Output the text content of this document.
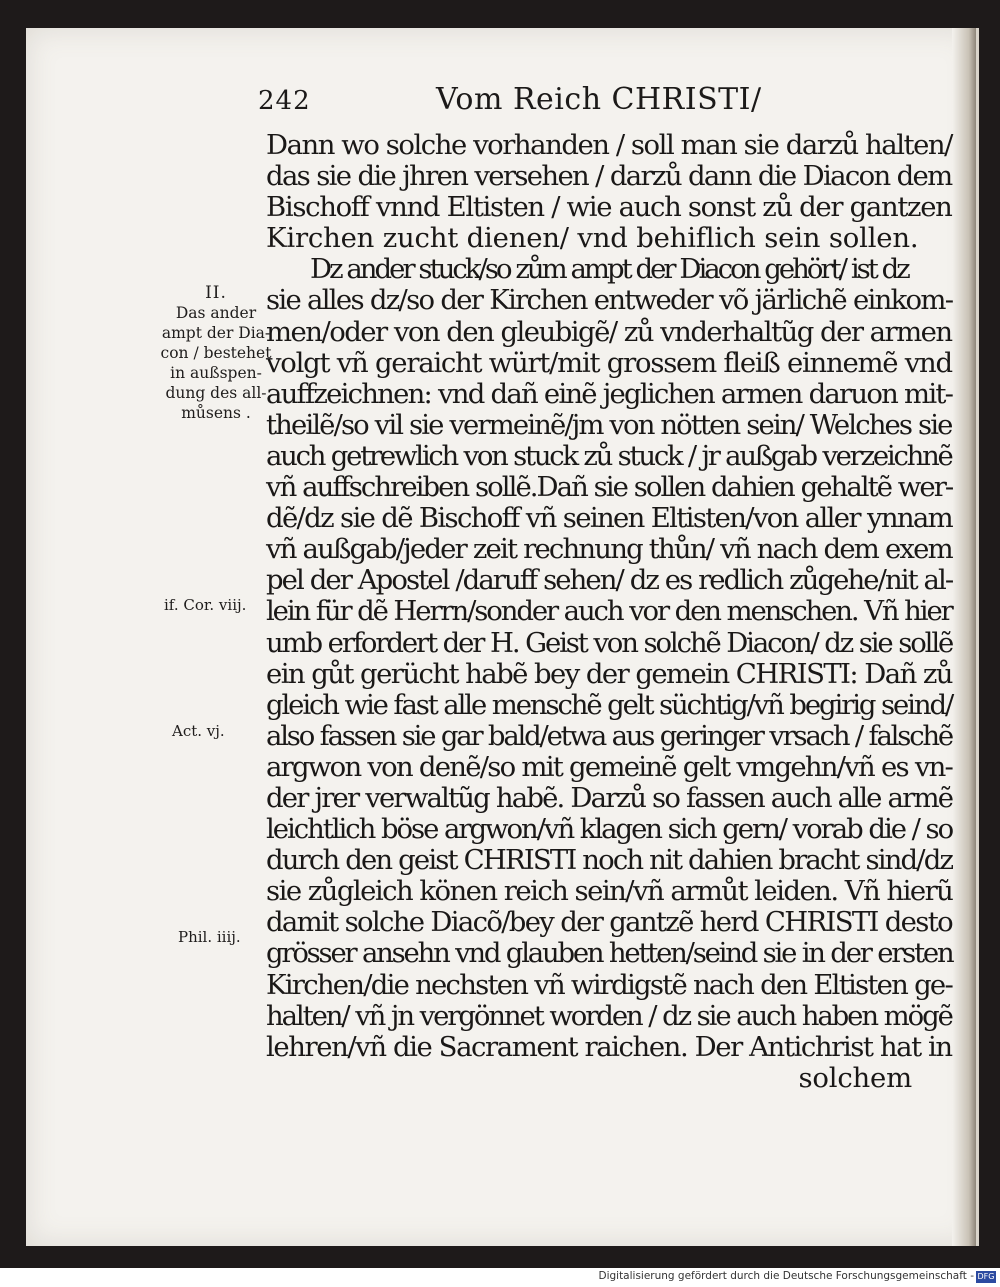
242	Vom Reich CHRISTI/
II.
Das ander
ampt der Dia-
con / bestehet
in außspen-
dung des all-
můsens .
if. Cor. viij.
Act. vj.
Phil. iiij.
Dann wo solche vorhanden / soll man sie darzů halten/
das sie die jhren versehen / darzů dann die Diacon dem
Bischoff vnnd Eltisten / wie auch sonst zů der gantzen
Kirchen zucht dienen/ vnd behiflich sein sollen.
Dz ander stuck/so zům ampt der Diacon gehört/ ist dz
sie alles dz/so der Kirchen entweder võ järlichẽ einkom-
men/oder von den gleubigẽ/ zů vnderhaltũg der armen
volgt vñ geraicht würt/mit grossem fleiß einnemẽ vnd
auffzeichnen: vnd dañ einẽ jeglichen armen daruon mit-
theilẽ/so vil sie vermeinẽ/jm von nötten sein/ Welches sie
auch getrewlich von stuck zů stuck / jr außgab verzeichnẽ
vñ auffschreiben sollẽ.Dañ sie sollen dahien gehaltẽ wer-
dẽ/dz sie dẽ Bischoff vñ seinen Eltisten/von aller ynnam
vñ außgab/jeder zeit rechnung thůn/ vñ nach dem exem
pel der Apostel /daruff sehen/ dz es redlich zůgehe/nit al-
lein für dẽ Herrn/sonder auch vor den menschen. Vñ hier
umb erfordert der H. Geist von solchẽ Diacon/ dz sie sollẽ
ein gůt gerücht habẽ bey der gemein CHRISTI: Dañ zů
gleich wie fast alle menschẽ gelt süchtig/vñ begirig seind/
also fassen sie gar bald/etwa aus geringer vrsach / falschẽ
argwon von denẽ/so mit gemeinẽ gelt vmgehn/vñ es vn-
der jrer verwaltũg habẽ. Darzů so fassen auch alle armẽ
leichtlich böse argwon/vñ klagen sich gern/ vorab die / so
durch den geist CHRISTI noch nit dahien bracht sind/dz
sie zůgleich könen reich sein/vñ armůt leiden. Vñ hierũ
damit solche Diacõ/bey der gantzẽ herd CHRISTI desto
grösser ansehn vnd glauben hetten/seind sie in der ersten
Kirchen/die nechsten vñ wirdigstẽ nach den Eltisten ge-
halten/ vñ jn vergönnet worden / dz sie auch haben mögẽ
lehren/vñ die Sacrament raichen. Der Antichrist hat in
solchem
Digitalisierung gefördert durch die Deutsche Forschungsgemeinschaft - DFG
